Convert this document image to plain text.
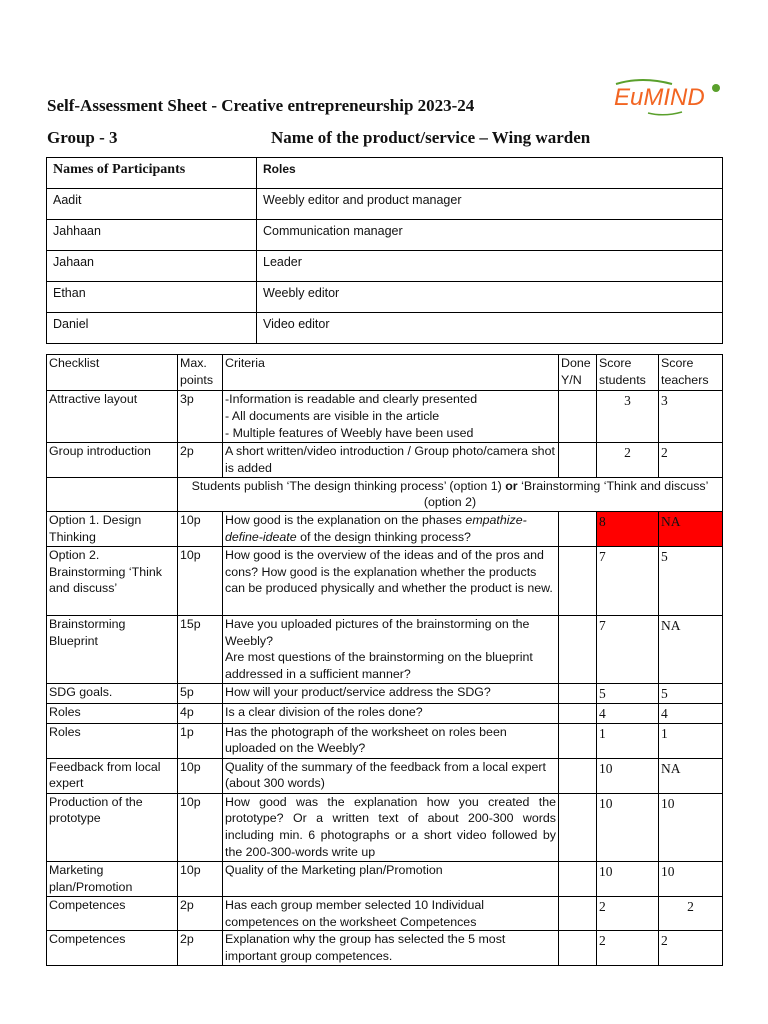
EuMIND
Self-Assessment Sheet - Creative entrepreneurship 2023-24
Group - 3	Name of the product/service – Wing warden
Names of Participants	Roles
Aadit	Weebly editor and product manager
Jahhaan	Communication manager
Jahaan	Leader
Ethan	Weebly editor
Daniel	Video editor
Checklist	Max. points	Criteria	Done Y/N	Score students	Score teachers
Attractive layout	3p	-Information is readable and clearly presented
- All documents are visible in the article
- Multiple features of Weebly have been used		3	3
Group introduction	2p	A short written/video introduction / Group photo/camera shot is added		2	2
	Students publish ‘The design thinking process’ (option 1) or ‘Brainstorming ‘Think and discuss’ (option 2)				
Option 1. Design Thinking	10p	How good is the explanation on the phases empathize-define-ideate of the design thinking process?		8	NA
Option 2. Brainstorming ‘Think and discuss’	10p	How good is the overview of the ideas and of the pros and cons? How good is the explanation whether the products can be produced physically and whether the product is new.		7	5
Brainstorming Blueprint	15p	Have you uploaded pictures of the brainstorming on the Weebly?
Are most questions of the brainstorming on the blueprint addressed in a sufficient manner?		7	NA
SDG goals.	5p	How will your product/service address the SDG?		5	5
Roles	4p	Is a clear division of the roles done?		4	4
Roles	1p	Has the photograph of the worksheet on roles been uploaded on the Weebly?		1	1
Feedback from local expert	10p	Quality of the summary of the feedback from a local expert (about 300 words)		10	NA
Production of the prototype	10p	How good was the explanation how you created the prototype? Or a written text of about 200-300 words including min. 6 photographs or a short video followed by the 200-300-words write up		10	10
Marketing plan/Promotion	10p	Quality of the Marketing plan/Promotion		10	10
Competences	2p	Has each group member selected 10 Individual competences on the worksheet Competences		2	2
Competences	2p	Explanation why the group has selected the 5 most important group competences.		2	2
